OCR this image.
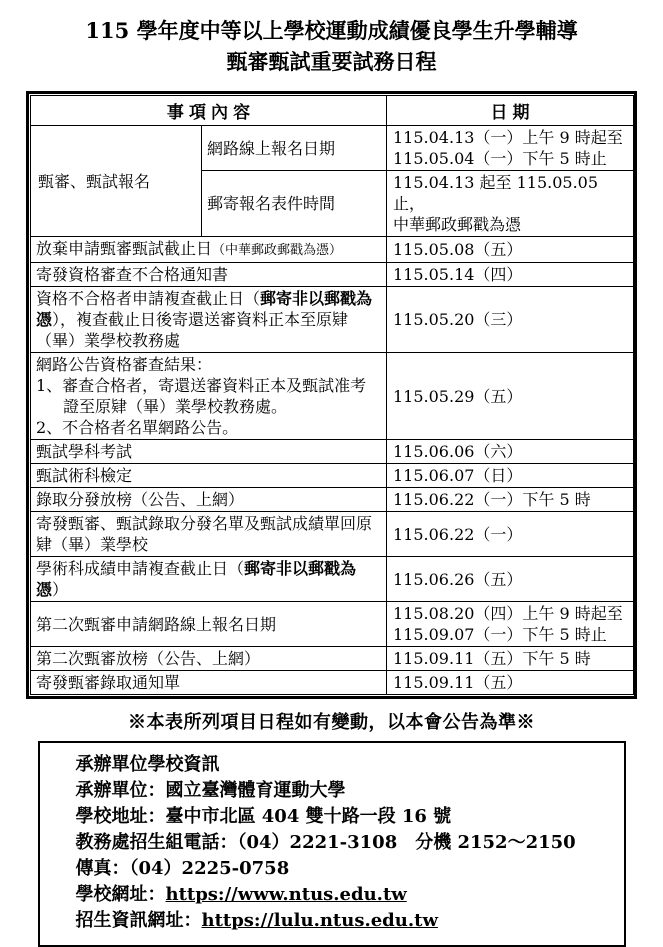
115 學年度中等以上學校運動成績優良學生升學輔導
甄審甄試重要試務日程
事項內容		日期
甄審、甄試報名	網路線上報名日期	115.04.13（一）上午 9 時起至
115.05.04（一）下午 5 時止

	郵寄報名表件時間	115.04.13 起至 115.05.05 止，
中華郵政郵戳為憑

放棄申請甄審甄試截止日（中華郵政郵戳為憑）		115.05.08（五）

寄發資格審查不合格通知書		115.05.14（四）

資格不合格者申請複查截止日（郵寄非以郵戳為憑），複查截止日後寄還送審資料正本至原肄（畢）業學校教務處		115.05.20（三）

網路公告資格審查結果：
1、審查合格者，寄還送審資料正本及甄試准考證至原肄（畢）業學校教務處。
2、不合格者名單網路公告。		115.05.29（五）

甄試學科考試		115.06.06（六）

甄試術科檢定		115.06.07（日）

錄取分發放榜（公告、上網）		115.06.22（一）下午 5 時

寄發甄審、甄試錄取分發名單及甄試成績單回原肄（畢）業學校		115.06.22（一）

學術科成績申請複查截止日（郵寄非以郵戳為憑）		115.06.26（五）

第二次甄審申請網路線上報名日期		115.08.20（四）上午 9 時起至
115.09.07（一）下午 5 時止

第二次甄審放榜（公告、上網）		115.09.11（五）下午 5 時

寄發甄審錄取通知單		115.09.11（五）
※本表所列項目日程如有變動，以本會公告為準※
承辦單位學校資訊
承辦單位：國立臺灣體育運動大學
學校地址：臺中市北區 404 雙十路一段 16 號
教務處招生組電話：（04）2221-3108　分機 2152～2150
傳真：（04）2225-0758
學校網址：https://www.ntus.edu.tw
招生資訊網址：https://lulu.ntus.edu.tw
